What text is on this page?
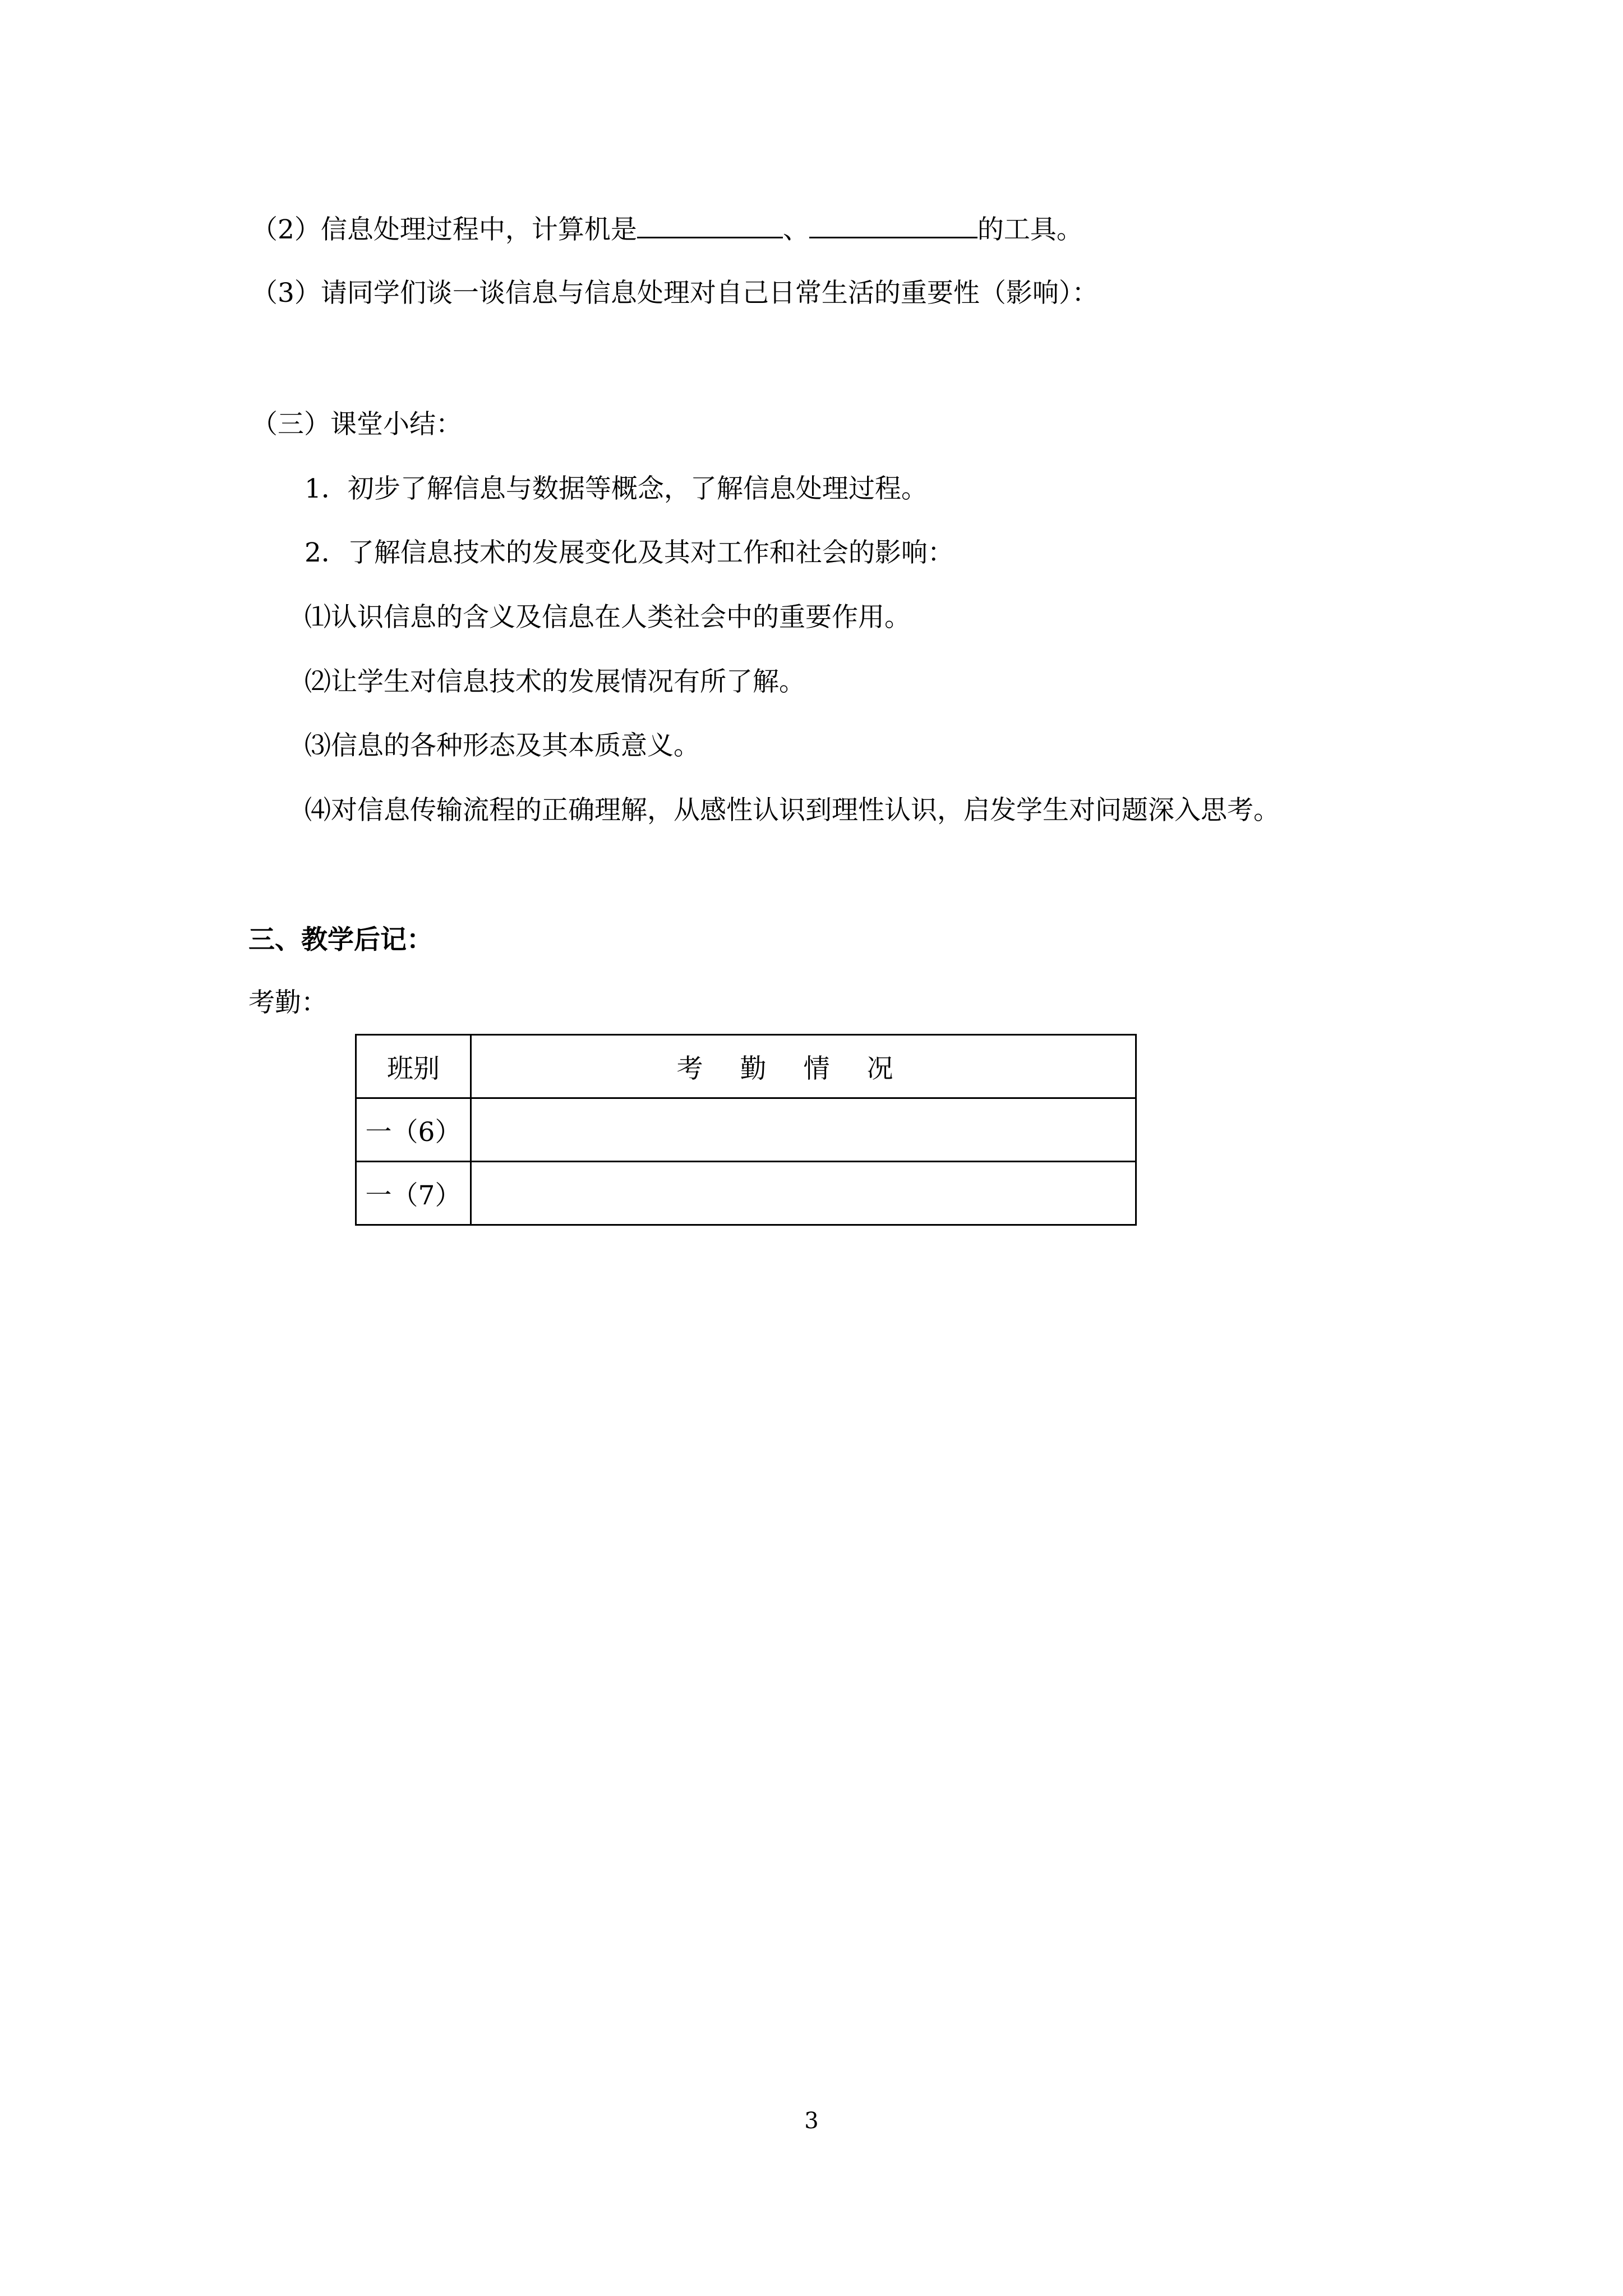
（2）信息处理过程中，计算机是	、	的工具。
（3）请同学们谈一谈信息与信息处理对自己日常生活的重要性（影响）：
（三）课堂小结：
1．初步了解信息与数据等概念，了解信息处理过程。
2．了解信息技术的发展变化及其对工作和社会的影响：
⑴认识信息的含义及信息在人类社会中的重要作用。
⑵让学生对信息技术的发展情况有所了解。
⑶信息的各种形态及其本质意义。
⑷对信息传输流程的正确理解，从感性认识到理性认识，启发学生对问题深入思考。
三、教学后记：
考勤：
班别	考勤情况
一（6）	
一（7）	
3
